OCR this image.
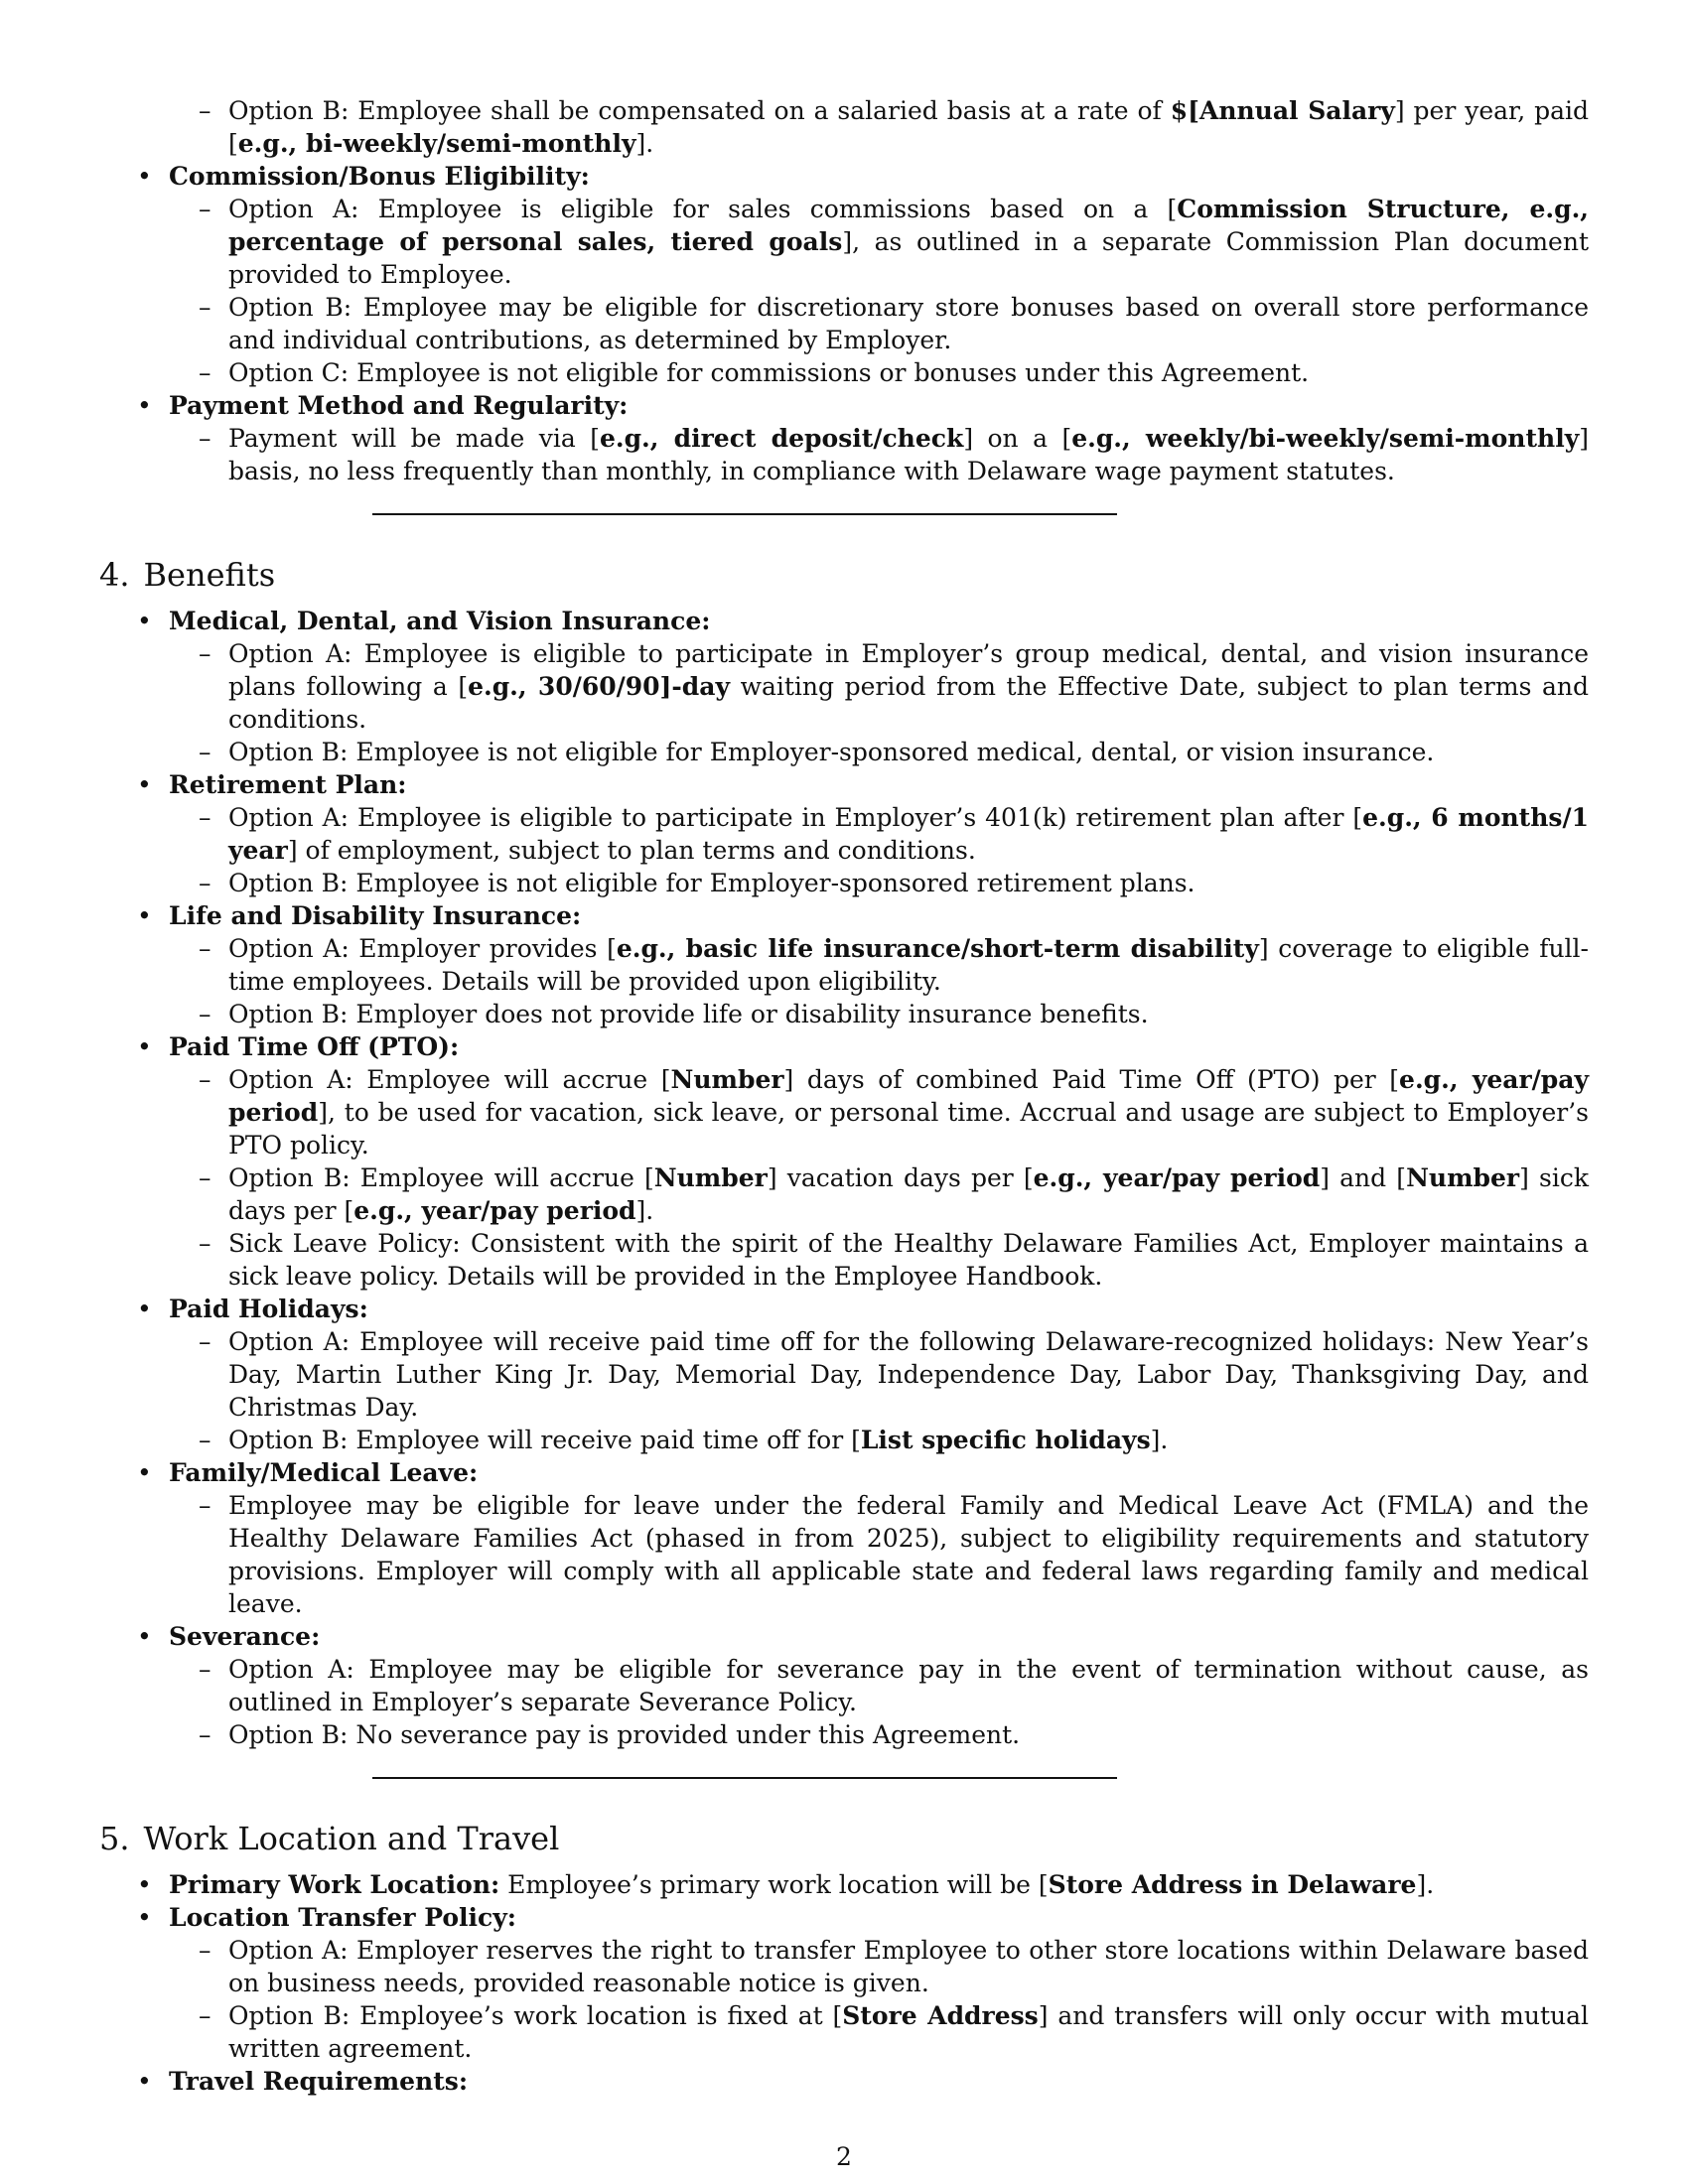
– Option B: Employee shall be compensated on a salaried basis at a rate of $[Annual Salary] per year, paid [e.g., bi-weekly/semi-monthly].
• Commission/Bonus Eligibility:
– Option A: Employee is eligible for sales commissions based on a [Commission Structure, e.g., percentage of personal sales, tiered goals], as outlined in a separate Commission Plan document provided to Employee.
– Option B: Employee may be eligible for discretionary store bonuses based on overall store performance and individual contributions, as determined by Employer.
– Option C: Employee is not eligible for commissions or bonuses under this Agreement.
• Payment Method and Regularity:
– Payment will be made via [e.g., direct deposit/check] on a [e.g., weekly/bi-weekly/semi-monthly] basis, no less frequently than monthly, in compliance with Delaware wage payment statutes.
4. Benefits
• Medical, Dental, and Vision Insurance:
– Option A: Employee is eligible to participate in Employer’s group medical, dental, and vision insurance plans following a [e.g., 30/60/90]-day waiting period from the Effective Date, subject to plan terms and conditions.
– Option B: Employee is not eligible for Employer-sponsored medical, dental, or vision insurance.
• Retirement Plan:
– Option A: Employee is eligible to participate in Employer’s 401(k) retirement plan after [e.g., 6 months/1 year] of employment, subject to plan terms and conditions.
– Option B: Employee is not eligible for Employer-sponsored retirement plans.
• Life and Disability Insurance:
– Option A: Employer provides [e.g., basic life insurance/short-term disability] coverage to eligible full-time employees. Details will be provided upon eligibility.
– Option B: Employer does not provide life or disability insurance benefits.
• Paid Time Off (PTO):
– Option A: Employee will accrue [Number] days of combined Paid Time Off (PTO) per [e.g., year/pay period], to be used for vacation, sick leave, or personal time. Accrual and usage are subject to Employer’s PTO policy.
– Option B: Employee will accrue [Number] vacation days per [e.g., year/pay period] and [Number] sick days per [e.g., year/pay period].
– Sick Leave Policy: Consistent with the spirit of the Healthy Delaware Families Act, Employer maintains a sick leave policy. Details will be provided in the Employee Handbook.
• Paid Holidays:
– Option A: Employee will receive paid time off for the following Delaware-recognized holidays: New Year’s Day, Martin Luther King Jr. Day, Memorial Day, Independence Day, Labor Day, Thanksgiving Day, and Christmas Day.
– Option B: Employee will receive paid time off for [List specific holidays].
• Family/Medical Leave:
– Employee may be eligible for leave under the federal Family and Medical Leave Act (FMLA) and the Healthy Delaware Families Act (phased in from 2025), subject to eligibility requirements and statutory provisions. Employer will comply with all applicable state and federal laws regarding family and medical leave.
• Severance:
– Option A: Employee may be eligible for severance pay in the event of termination without cause, as outlined in Employer’s separate Severance Policy.
– Option B: No severance pay is provided under this Agreement.
5. Work Location and Travel
• Primary Work Location: Employee’s primary work location will be [Store Address in Delaware].
• Location Transfer Policy:
– Option A: Employer reserves the right to transfer Employee to other store locations within Delaware based on business needs, provided reasonable notice is given.
– Option B: Employee’s work location is fixed at [Store Address] and transfers will only occur with mutual written agreement.
• Travel Requirements:
2
